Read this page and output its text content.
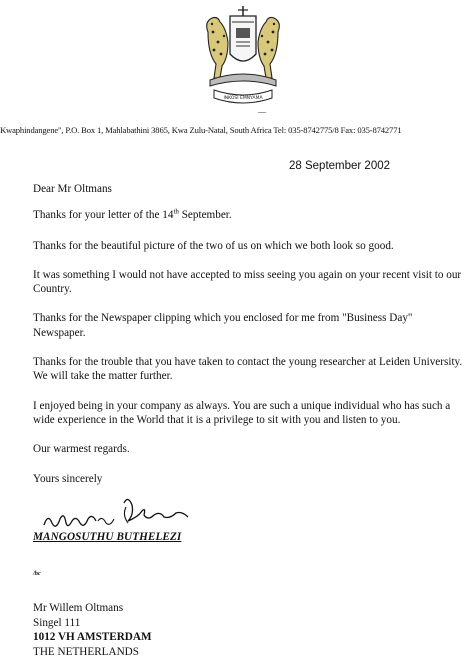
INKOSI EMNYAMA
—
Kwaphindangene", P.O. Box 1, Mahlabathini 3865, Kwa Zulu-Natal, South Africa Tel: 035-8742775/8 Fax: 035-8742771
28 September 2002

Dear Mr Oltmans

Thanks for your letter of the 14th September.

Thanks for the beautiful picture of the two of us on which we both look so good.

It was something I would not have accepted to miss seeing you again on your recent visit to our Country.

Thanks for the Newspaper clipping which you enclosed for me from "Business Day" Newspaper.

Thanks for the trouble that you have taken to contact the young researcher at Leiden University. We will take the matter further.

I enjoyed being in your company as always. You are such a unique individual who has such a wide experience in the World that it is a privilege to sit with you and listen to you.

Our warmest regards.

Yours sincerely

MANGOSUTHU BUTHELEZI
/hc
Mr Willem Oltmans
Singel 111
1012 VH AMSTERDAM
THE NETHERLANDS
